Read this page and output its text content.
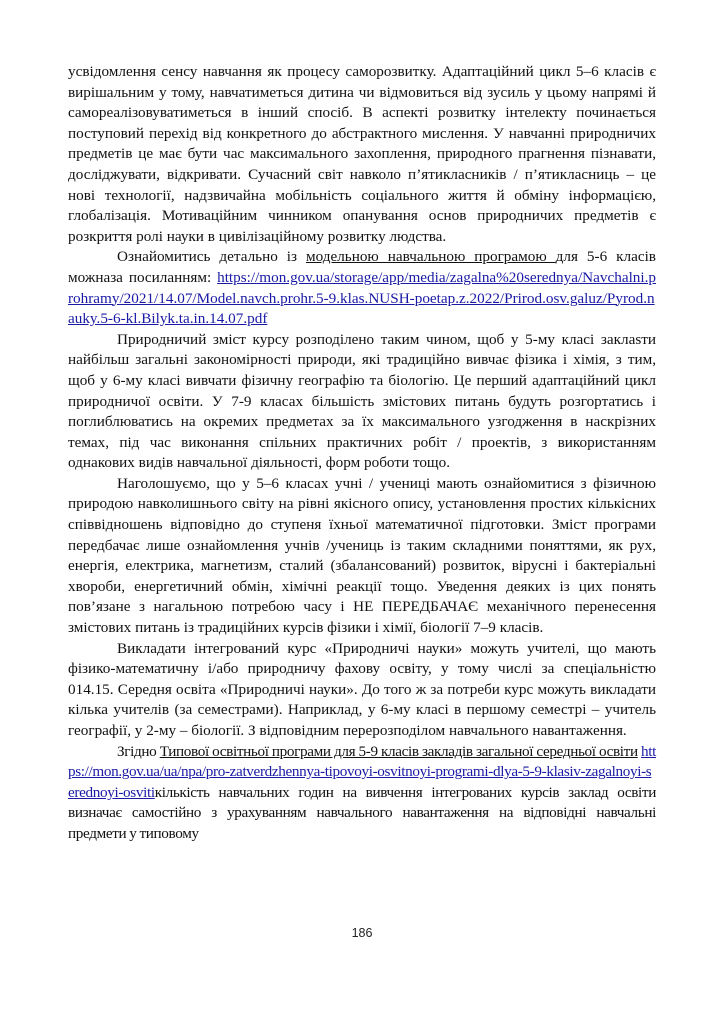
усвідомлення сенсу навчання як процесу саморозвитку. Адаптаційний цикл 5–6 класів є вирішальним у тому, навчатиметься дитина чи відмовиться від зусиль у цьому напрямі й самореалізовуватиметься в інший спосіб. В аспекті розвитку інтелекту починається поступовий перехід від конкретного до абстрактного мислення. У навчанні природничих предметів це має бути час максимального захоплення, природного прагнення пізнавати, досліджувати, відкривати. Сучасний світ навколо п’ятикласників / п’ятикласниць – це нові технології, надзвичайна мобільність соціального життя й обміну інформацією, глобалізація. Мотиваційним чинником опанування основ природничих предметів є розкриття ролі науки в цивілізаційному розвитку людства.

Ознайомитись детально із модельною навчальною програмою для 5-6 класів можназа посиланням: https://mon.gov.ua/storage/app/media/zagalna%20serednya/Navchalni.prohramy/2021/14.07/Model.navch.prohr.5-9.klas.NUSH-poetap.z.2022/Prirod.osv.galuz/Pyrod.nauky.5-6-kl.Bilyk.ta.in.14.07.pdf

Природничий зміст курсу розподілено таким чином, щоб у 5-му класі заклasти найбільш загальні закономірності природи, які традиційно вивчає фізика і хімія, з тим, щоб у 6-му класі вивчати фізичну географію та біологію. Це перший адаптаційний цикл природничої освіти. У 7-9 класах більшість змістових питань будуть розгортатись і поглиблюватись на окремих предметах за їх максимального узгодження в наскрізних темах, під час виконання спільних практичних робіт / проектів, з використанням однакових видів навчальної діяльності, форм роботи тощо.

Наголошуємо, що у 5–6 класах учні / учениці мають ознайомитися з фізичною природою навколишнього світу на рівні якісного опису, установлення простих кількісних співвідношень відповідно до ступеня їхньої математичної підготовки. Зміст програми передбачає лише ознайомлення учнів /учениць із таким складними поняттями, як рух, енергія, електрика, магнетизм, сталий (збалансований) розвиток, вірусні і бактеріальні хвороби, енергетичний обмін, хімічні реакції тощо. Уведення деяких із цих понять пов’язане з нагальною потребою часу і НЕ ПЕРЕДБАЧАЄ механічного перенесення змістових питань із традиційних курсів фізики і хімії, біології 7–9 класів.

Викладати інтегрований курс «Природничі науки» можуть учителі, що мають фізико-математичну і/або природничу фахову освіту, у тому числі за спеціальністю 014.15. Середня освіта «Природничі науки». До того ж за потреби курс можуть викладати кілька учителів (за семестрами). Наприклад, у 6-му класі в першому семестрі – учитель географії, у 2-му – біології. З відповідним перерозподілом навчального навантаження.

Згідно Типової освітньої програми для 5-9 класів закладів загальної середньої освіти https://mon.gov.ua/ua/npa/pro-zatverdzhennya-tipovoyi-osvitnoyi-programi-dlya-5-9-klasiv-zagalnoyi-serednoyi-osvitiкількість навчальних годин на вивчення інтегрованих курсів заклад освіти визначає самостійно з урахуванням навчального навантаження на відповідні навчальні предмети у типовому

186
